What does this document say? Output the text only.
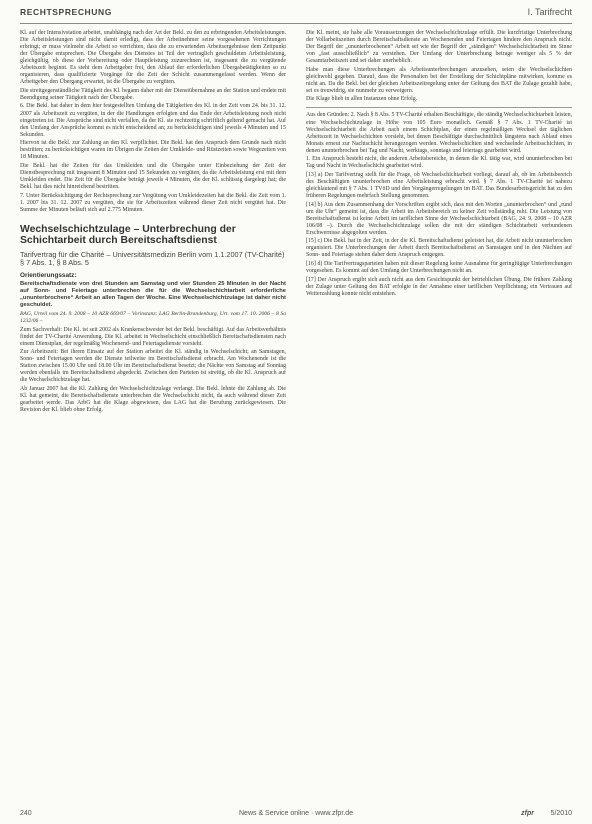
RECHTSPRECHUNG	I. Tarifrecht

Kl. auf der Intensivstation arbeitet, unabhängig nach der Art der Bekl. zu den zu erbringenden Arbeitsleistungen. Die Arbeitsleistungen sind nicht damit erledigt, dass der Arbeitnehmer seine vorgesehenen Verrichtungen erbringt; er muss vielmehr die Arbeit so verrichten, dass die zu erwartenden Arbeitsergebnisse dem Zeitpunkt der Übergabe entsprechen. Die Übergabe des Dienstes ist Teil der vertraglich geschuldeten Arbeitsleistung, gleichgültig, ob diese der Vorbereitung oder Hauptleistung zuzurechnen ist, insgesamt die zu vergütende Arbeitszeit beginnt. Es steht dem Arbeitgeber frei, den Ablauf der erforderlichen Übergabetätigkeiten so zu organisieren, dass qualifizierte Vorgänge für die Zeit der Schicht zusammengefasst werden. Wenn der Arbeitgeber den Übergang erwartet, ist die Übergabe zu vergüten.

Die streitgegenständliche Tätigkeit des Kl. begann daher mit der Dienstübernahme an der Station und endete mit Beendigung seiner Tätigkeit nach der Übergabe.

6. Die Bekl. hat daher in dem hier festgestellten Umfang die Tätigkeiten des Kl. in der Zeit vom 24. bis 31. 12. 2007 als Arbeitszeit zu vergüten, in der die Handlungen erfolgten und das Ende der Arbeitsleistung noch nicht eingetreten ist. Die Ansprüche sind nicht verfallen, da der Kl. sie rechtzeitig schriftlich geltend gemacht hat. Auf den Umfang der Ansprüche kommt es nicht entscheidend an; zu berücksichtigen sind jeweils 4 Minuten und 15 Sekunden.

Hiervon ist die Bekl. zur Zahlung an den Kl. verpflichtet. Die Bekl. hat den Anspruch dem Grunde nach nicht bestritten; zu berücksichtigen waren im Übrigen die Zeiten der Umkleide- und Rüstzeiten sowie Wegezeiten von 18 Minuten.

Die Bekl. hat die Zeiten für das Umkleiden und die Übergabe unter Einbeziehung der Zeit der Dienstbesprechung mit insgesamt 8 Minuten und 15 Sekunden zu vergüten, da die Arbeitsleistung erst mit dem Umkleiden endet. Die Zeit für die Übergabe beträgt jeweils 4 Minuten, die der Kl. schlüssig dargelegt hat; die Bekl. hat dies nicht hinreichend bestritten.

7. Unter Berücksichtigung der Rechtsprechung zur Vergütung von Umkleidezeiten hat die Bekl. die Zeit vom 1. 1. 2007 bis 31. 12. 2007 zu vergüten, die sie für Arbeitszeiten während dieser Zeit nicht vergütet hat. Die Summe der Minuten beläuft sich auf 2.775 Minuten.

Wechselschichtzulage – Unterbrechung der Schichtarbeit durch Bereitschaftsdienst
Tarifvertrag für die Charité – Universitätsmedizin Berlin vom 1.1.2007 (TV-Charité) § 7 Abs. 1, § 8 Abs. 5
Orientierungssatz:

Bereitschaftsdienste von drei Stunden am Samstag und vier Stunden 25 Minuten in der Nacht auf Sonn- und Feiertage unterbrechen die für die Wechselschichtarbeit erforderliche „ununterbrochene“ Arbeit an allen Tagen der Woche. Eine Wechselschichtzulage ist daher nicht geschuldet.

BAG, Urteil vom 24. 9. 2008 – 10 AZR 669/07 – Vorinstanz: LAG Berlin-Brandenburg, Urt. vom 17. 10. 2006 – 8 Sa 1232/06 –

Zum Sachverhalt: Die Kl. ist seit 2002 als Krankenschwester bei der Bekl. beschäftigt. Auf das Arbeitsverhältnis findet der TV-Charité Anwendung. Die Kl. arbeitet in Wechselschicht einschließlich Bereitschaftsdiensten nach einem Dienstplan, der regelmäßig Wochenend- und Feiertagsdienste vorsieht.

Zur Arbeitszeit: Bei ihrem Einsatz auf der Station arbeitet die Kl. ständig in Wechselschicht; an Samstagen, Sonn- und Feiertagen werden die Dienste teilweise im Bereitschaftsdienst erbracht. Am Wochenende ist die Station zwischen 15.00 Uhr und 18.00 Uhr im Bereitschaftsdienst besetzt; die Nächte von Samstag auf Sonntag werden ebenfalls im Bereitschaftsdienst abgedeckt. Zwischen den Parteien ist streitig, ob die Kl. Anspruch auf die Wechselschichtzulage hat.

Ab Januar 2007 hat die Kl. Zahlung der Wechselschichtzulage verlangt. Die Bekl. lehnte die Zahlung ab. Die Kl. hat gemeint, die Bereitschaftsdienste unterbrechen die Wechselschicht nicht, da auch während dieser Zeit gearbeitet werde. Das ArbG hat die Klage abgewiesen, das LAG hat die Berufung zurückgewiesen. Die Revision der Kl. blieb ohne Erfolg.

Die Kl. meint, sie habe alle Voraussetzungen der Wechselschichtzulage erfüllt. Die kurzfristige Unterbrechung der Vollarbeitszeiten durch Bereitschaftsdienste an Wochenenden und Feiertagen hindere den Anspruch nicht. Der Begriff der „ununterbrochenen“ Arbeit sei wie der Begriff der „ständigen“ Wechselschichtarbeit im Sinne von „fast ausschließlich“ zu verstehen. Der Umfang der Unterbrechung betrage weniger als 5 % der Gesamtarbeitszeit und sei daher unerheblich.

Habe man diese Unterbrechungen als Arbeitsunterbrechungen anzusehen, seien die Wechselschichten gleichwohl gegeben. Darauf, dass die Personalien bei der Erstellung der Schichtpläne mitwirken, komme es nicht an. Da die Bekl. bei der gleichen Arbeitszeitregelung unter der Geltung des BAT die Zulage gezahlt habe, sei es treuwidrig, sie nunmehr zu verweigern.

Die Klage blieb in allen Instanzen ohne Erfolg.

Aus den Gründen: 2. Nach § 8 Abs. 5 TV-Charité erhalten Beschäftigte, die ständig Wechselschichtarbeit leisten, eine Wechselschichtzulage in Höhe von 105 Euro monatlich. Gemäß § 7 Abs. 1 TV-Charité ist Wechselschichtarbeit die Arbeit nach einem Schichtplan, der einen regelmäßigen Wechsel der täglichen Arbeitszeit in Wechselschichten vorsieht, bei denen Beschäftigte durchschnittlich längstens nach Ablauf eines Monats erneut zur Nachtschicht herangezogen werden. Wechselschichten sind wechselnde Arbeitsschichten, in denen ununterbrochen bei Tag und Nacht, werktags, sonntags und feiertags gearbeitet wird.

1. Ein Anspruch besteht nicht, die anderen Arbeitsbereiche, in denen die Kl. tätig war, wird ununterbrochen bei Tag und Nacht in Wechselschicht gearbeitet wird.

[13] a) Der Tarifvertrag stellt für die Frage, ob Wechselschichtarbeit vorliegt, darauf ab, ob im Arbeitsbereich des Beschäftigten ununterbrochen eine Arbeitsleistung erbracht wird. § 7 Abs. 1 TV-Charité ist nahezu gleichlautend mit § 7 Abs. 1 TVöD und den Vorgängerregelungen im BAT. Das Bundesarbeitsgericht hat zu den früheren Regelungen mehrfach Stellung genommen.

[14] b) Aus dem Zusammenhang der Vorschriften ergibt sich, dass mit den Worten „ununterbrochen“ und „rund um die Uhr“ gemeint ist, dass die Arbeit im Arbeitsbereich zu keiner Zeit vollständig ruht. Die Leistung von Bereitschaftsdienst ist keine Arbeit im tariflichen Sinne der Wechselschichtarbeit (BAG, 24. 9. 2008 – 10 AZR 106/08 –). Durch die Wechselschichtzulage sollen die mit der ständigen Schichtarbeit verbundenen Erschwernisse abgegolten werden.

[15] c) Die Bekl. hat in der Zeit, in der die Kl. Bereitschaftsdienst geleistet hat, die Arbeit nicht ununterbrochen organisiert. Die Unterbrechungen der Arbeit durch Bereitschaftsdienst an Samstagen und in den Nächten auf Sonn- und Feiertage stehen daher dem Anspruch entgegen.

[16] d) Die Tarifvertragsparteien haben mit dieser Regelung keine Ausnahme für geringfügige Unterbrechungen vorgesehen. Es kommt auf den Umfang der Unterbrechungen nicht an.

[17] Der Anspruch ergibt sich auch nicht aus dem Gesichtspunkt der betrieblichen Übung. Die frühere Zahlung der Zulage unter Geltung des BAT erfolgte in der Annahme einer tariflichen Verpflichtung; ein Vertrauen auf Weiterzahlung konnte nicht entstehen.

240	News & Service online · www.zfpr.de	zfpr 5/2010
